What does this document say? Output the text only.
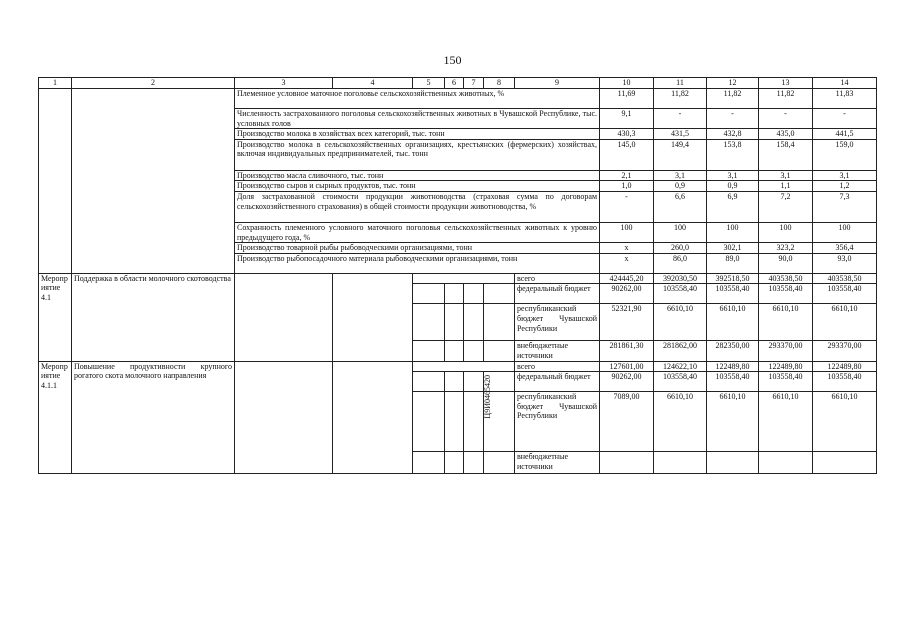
150
1	2	3	4	5	6	7	8	9	10	11	12	13	14
		Племенное условное маточное поголовье сельскохозяйственных животных, %							11,69	11,82	11,82	11,82	11,83
		Численность застрахованного поголовья сельскохозяйственных животных в Чувашской Республике, тыс. условных голов							9,1	-	-	-	-
		Производство молока в хозяйствах всех категорий, тыс. тонн							430,3	431,5	432,8	435,0	441,5
		Производство молока в сельскохозяйственных организациях, крестьянских (фермерских) хозяйствах, включая индивидуальных предпринимателей, тыс. тонн							145,0	149,4	153,8	158,4	159,0
		Производство масла сливочного, тыс. тонн							2,1	3,1	3,1	3,1	3,1
		Производство сыров и сырных продуктов, тыс. тонн							1,0	0,9	0,9	1,1	1,2
		Доля застрахованной стоимости продукции животноводства (страховая сумма по договорам сельскохозяйственного страхования) в общей стоимости продукции животноводства, %							-	6,6	6,9	7,2	7,3
		Сохранность племенного условного маточного поголовья сельскохозяйственных животных к уровню предыдущего года, %							100	100	100	100	100
		Производство товарной рыбы рыбоводческими организациями, тонн							x	260,0	302,1	323,2	356,4
		Производство рыбопосадочного материала рыбоводческими организациями, тонн							x	86,0	89,0	90,0	93,0
Мероприятие 4.1	Поддержка в области молочного скотоводства							всего	424445,20	392030,50	392518,50	403538,50	403538,50
								федеральный бюджет	90262,00	103558,40	103558,40	103558,40	103558,40
								республиканский бюджет Чувашской Республики	52321,90	6610,10	6610,10	6610,10	6610,10
								внебюджетные источники	281861,30	281862,00	282350,00	293370,00	293370,00
Мероприятие 4.1.1	Повышение продуктивности крупного рогатого скота молочного направления							всего	127601,00	124622,10	122489,80	122489,80	122489,80
								федеральный бюджет	90262,00	103558,40	103558,40	103558,40	103558,40
						Ц9И0465420		республиканский бюджет Чувашской Республики	7089,00	6610,10	6610,10	6610,10	6610,10
								внебюджетные источники					
